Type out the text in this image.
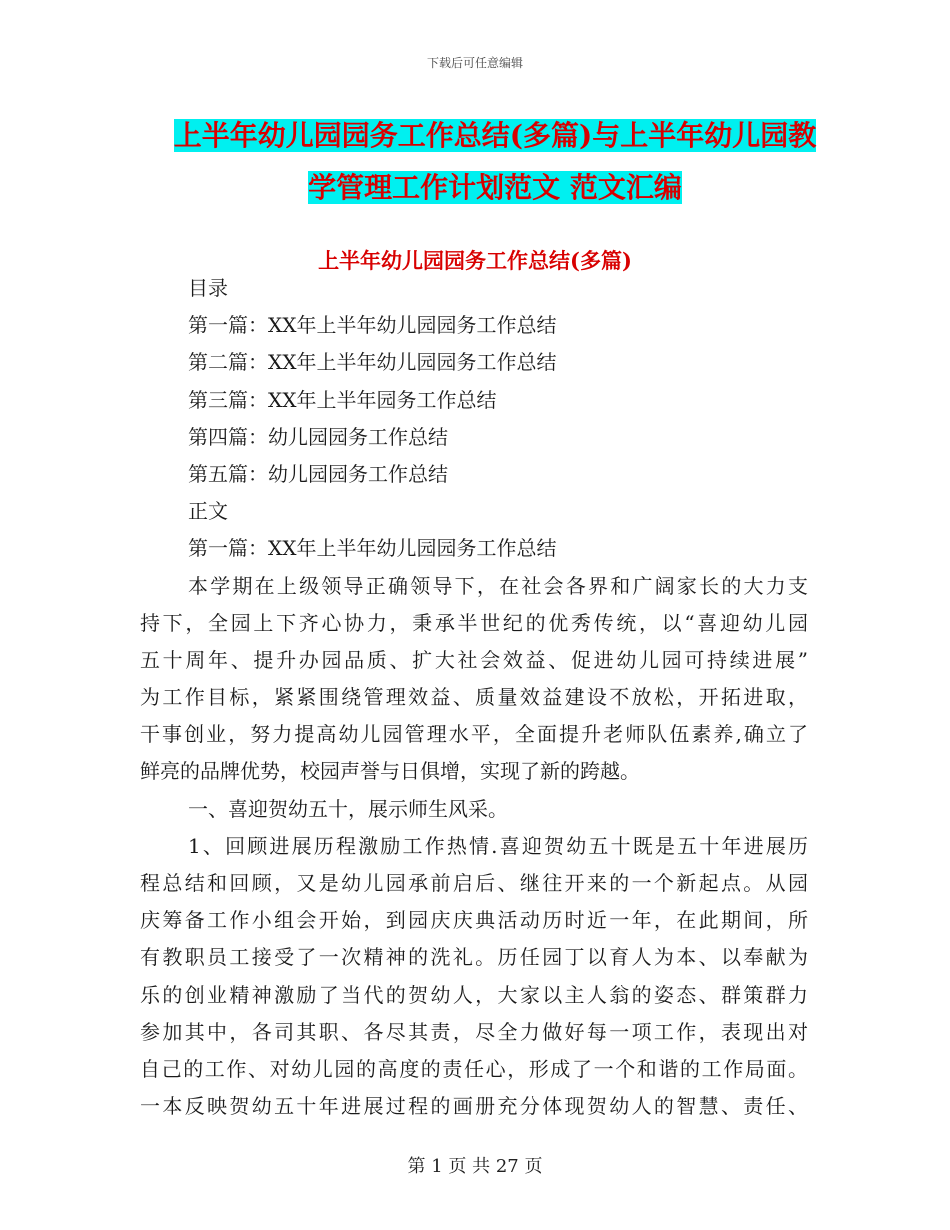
下载后可任意编辑
上半年幼儿园园务工作总结(多篇)与上半年幼儿园教
学管理工作计划范文 范文汇编
上半年幼儿园园务工作总结(多篇)
目录
第一篇：XX年上半年幼儿园园务工作总结
第二篇：XX年上半年幼儿园园务工作总结
第三篇：XX年上半年园务工作总结
第四篇：幼儿园园务工作总结
第五篇：幼儿园园务工作总结
正文
第一篇：XX年上半年幼儿园园务工作总结
本学期在上级领导正确领导下，在社会各界和广阔家长的大力支
持下，全园上下齐心协力，秉承半世纪的优秀传统，以“喜迎幼儿园
五十周年、提升办园品质、扩大社会效益、促进幼儿园可持续进展”
为工作目标，紧紧围绕管理效益、质量效益建设不放松，开拓进取，
干事创业，努力提高幼儿园管理水平，全面提升老师队伍素养,确立了
鲜亮的品牌优势，校园声誉与日俱增，实现了新的跨越。
一、喜迎贺幼五十，展示师生风采。
1、回顾进展历程激励工作热情.喜迎贺幼五十既是五十年进展历
程总结和回顾，又是幼儿园承前启后、继往开来的一个新起点。从园
庆筹备工作小组会开始，到园庆庆典活动历时近一年，在此期间，所
有教职员工接受了一次精神的洗礼。历任园丁以育人为本、以奉献为
乐的创业精神激励了当代的贺幼人，大家以主人翁的姿态、群策群力
参加其中，各司其职、各尽其责，尽全力做好每一项工作，表现出对
自己的工作、对幼儿园的高度的责任心，形成了一个和谐的工作局面。
一本反映贺幼五十年进展过程的画册充分体现贺幼人的智慧、责任、
第 1 页 共 27 页
